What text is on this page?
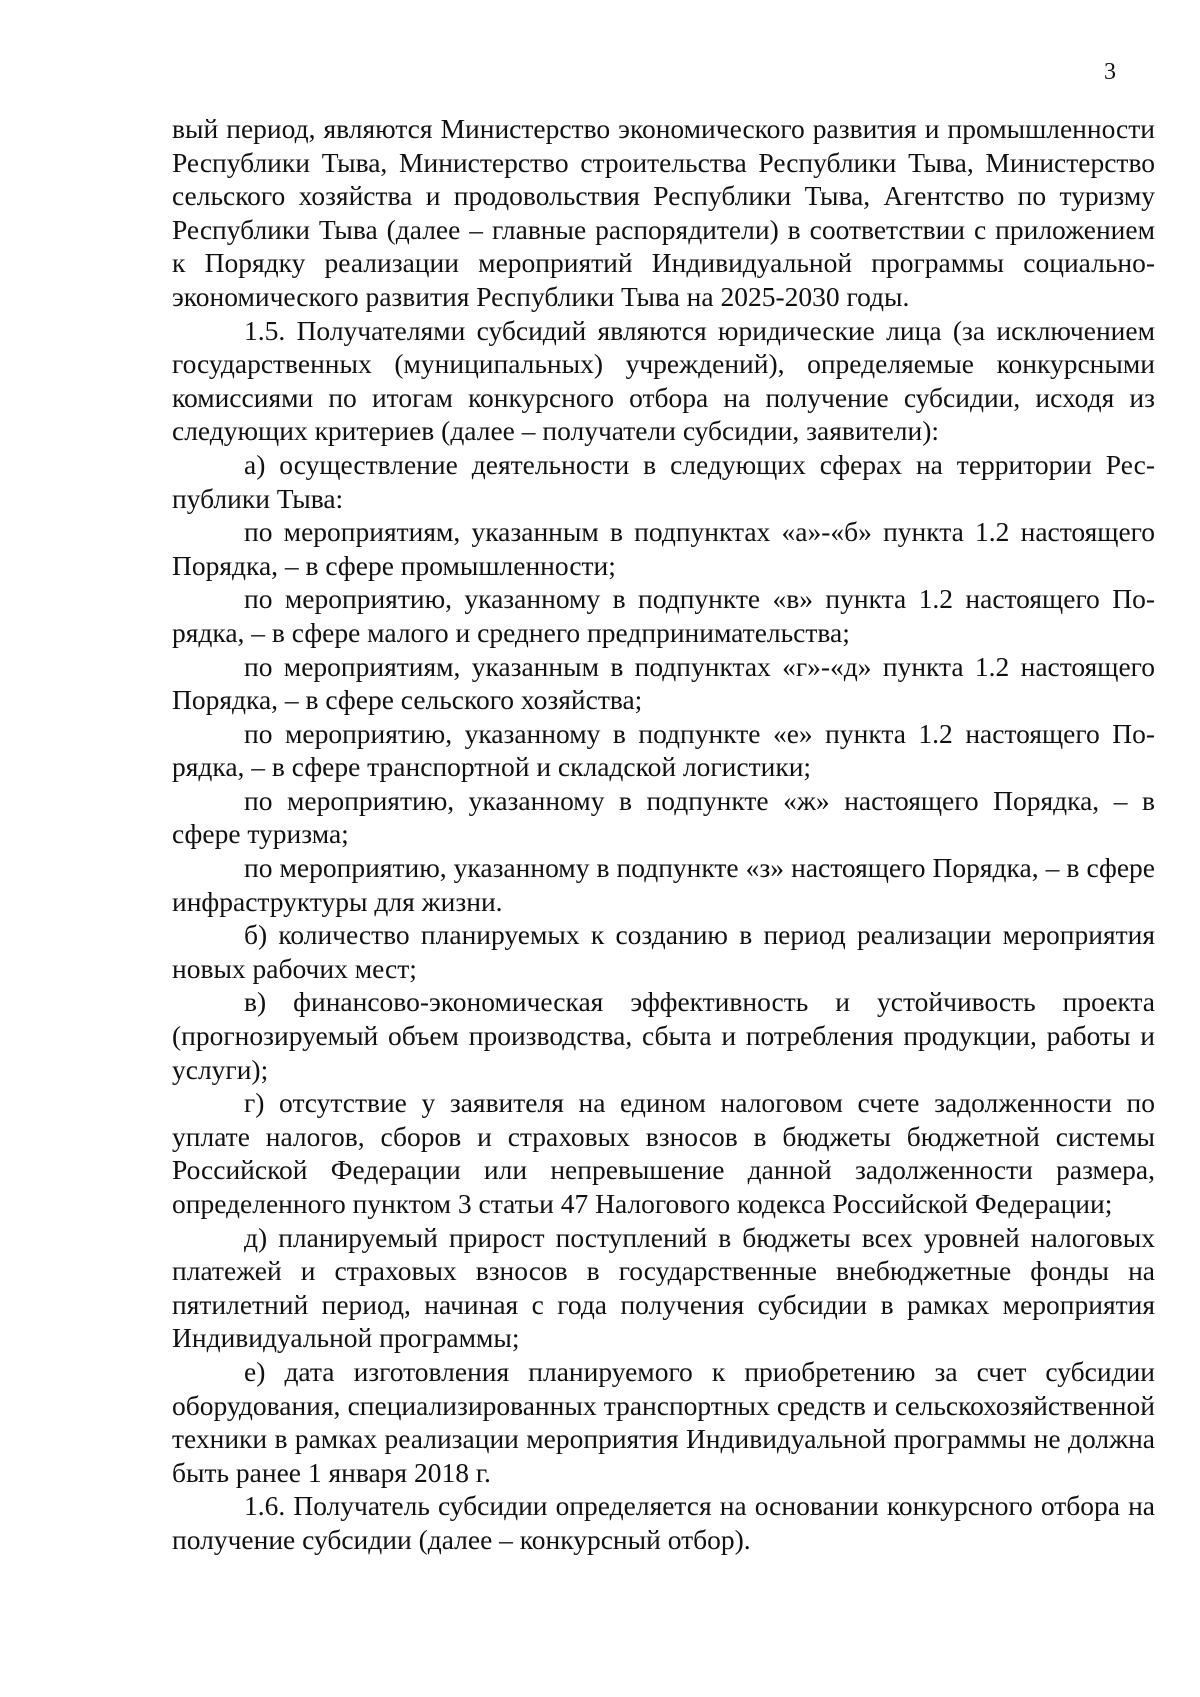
3

вый период, являются Министерство экономического развития и промышленности Республики Тыва, Министерство строительства Республики Тыва, Министерство сельского хозяйства и продовольствия Республики Тыва, Агентство по туризму Республики Тыва (далее – главные распорядители) в соответствии с приложением к Порядку реализации мероприятий Индивидуальной программы социально-экономического развития Республики Тыва на 2025-2030 годы.

1.5. Получателями субсидий являются юридические лица (за исключением государственных (муниципальных) учреждений), определяемые конкурсными комиссиями по итогам конкурсного отбора на получение субсидии, исходя из следующих критериев (далее – получатели субсидии, заявители):

а) осуществление деятельности в следующих сферах на территории Республики Тыва:

по мероприятиям, указанным в подпунктах «а»-«б» пункта 1.2 настоящего Порядка, – в сфере промышленности;

по мероприятию, указанному в подпункте «в» пункта 1.2 настоящего Порядка, – в сфере малого и среднего предпринимательства;

по мероприятиям, указанным в подпунктах «г»-«д» пункта 1.2 настоящего Порядка, – в сфере сельского хозяйства;

по мероприятию, указанному в подпункте «е» пункта 1.2 настоящего Порядка, – в сфере транспортной и складской логистики;

по мероприятию, указанному в подпункте «ж» настоящего Порядка, – в сфере туризма;

по мероприятию, указанному в подпункте «з» настоящего Порядка, – в сфере инфраструктуры для жизни.

б) количество планируемых к созданию в период реализации мероприятия новых рабочих мест;

в) финансово-экономическая эффективность и устойчивость проекта (прогнозируемый объем производства, сбыта и потребления продукции, работы и услуги);

г) отсутствие у заявителя на едином налоговом счете задолженности по уплате налогов, сборов и страховых взносов в бюджеты бюджетной системы Российской Федерации или непревышение данной задолженности размера, определенного пунктом 3 статьи 47 Налогового кодекса Российской Федерации;

д) планируемый прирост поступлений в бюджеты всех уровней налоговых платежей и страховых взносов в государственные внебюджетные фонды на пятилетний период, начиная с года получения субсидии в рамках мероприятия Индивидуальной программы;

е) дата изготовления планируемого к приобретению за счет субсидии оборудования, специализированных транспортных средств и сельскохозяйственной техники в рамках реализации мероприятия Индивидуальной программы не должна быть ранее 1 января 2018 г.

1.6. Получатель субсидии определяется на основании конкурсного отбора на получение субсидии (далее – конкурсный отбор).
